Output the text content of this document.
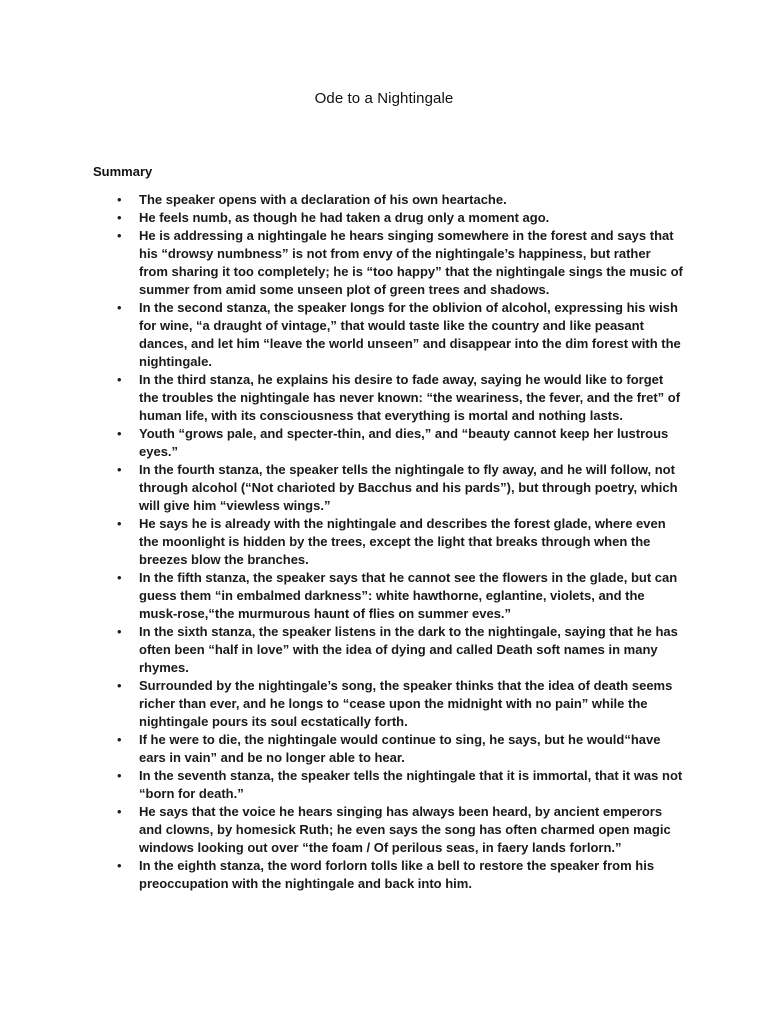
Ode to a Nightingale
Summary
• The speaker opens with a declaration of his own heartache.
• He feels numb, as though he had taken a drug only a moment ago.
• He is addressing a nightingale he hears singing somewhere in the forest and says that his “drowsy numbness” is not from envy of the nightingale’s happiness, but rather from sharing it too completely; he is “too happy” that the nightingale sings the music of summer from amid some unseen plot of green trees and shadows.
• In the second stanza, the speaker longs for the oblivion of alcohol, expressing his wish for wine, “a draught of vintage,” that would taste like the country and like peasant dances, and let him “leave the world unseen” and disappear into the dim forest with the nightingale.
• In the third stanza, he explains his desire to fade away, saying he would like to forget the troubles the nightingale has never known: “the weariness, the fever, and the fret” of human life, with its consciousness that everything is mortal and nothing lasts.
• Youth “grows pale, and specter-thin, and dies,” and “beauty cannot keep her lustrous eyes.”
• In the fourth stanza, the speaker tells the nightingale to fly away, and he will follow, not through alcohol (“Not charioted by Bacchus and his pards”), but through poetry, which will give him “viewless wings.”
• He says he is already with the nightingale and describes the forest glade, where even the moonlight is hidden by the trees, except the light that breaks through when the breezes blow the branches.
• In the fifth stanza, the speaker says that he cannot see the flowers in the glade, but can guess them “in embalmed darkness”: white hawthorne, eglantine, violets, and the musk-rose,“the murmurous haunt of flies on summer eves.”
• In the sixth stanza, the speaker listens in the dark to the nightingale, saying that he has often been “half in love” with the idea of dying and called Death soft names in many rhymes.
• Surrounded by the nightingale’s song, the speaker thinks that the idea of death seems richer than ever, and he longs to “cease upon the midnight with no pain” while the nightingale pours its soul ecstatically forth.
• If he were to die, the nightingale would continue to sing, he says, but he would“have ears in vain” and be no longer able to hear.
• In the seventh stanza, the speaker tells the nightingale that it is immortal, that it was not “born for death.”
• He says that the voice he hears singing has always been heard, by ancient emperors and clowns, by homesick Ruth; he even says the song has often charmed open magic windows looking out over “the foam / Of perilous seas, in faery lands forlorn.”
• In the eighth stanza, the word forlorn tolls like a bell to restore the speaker from his preoccupation with the nightingale and back into him.
